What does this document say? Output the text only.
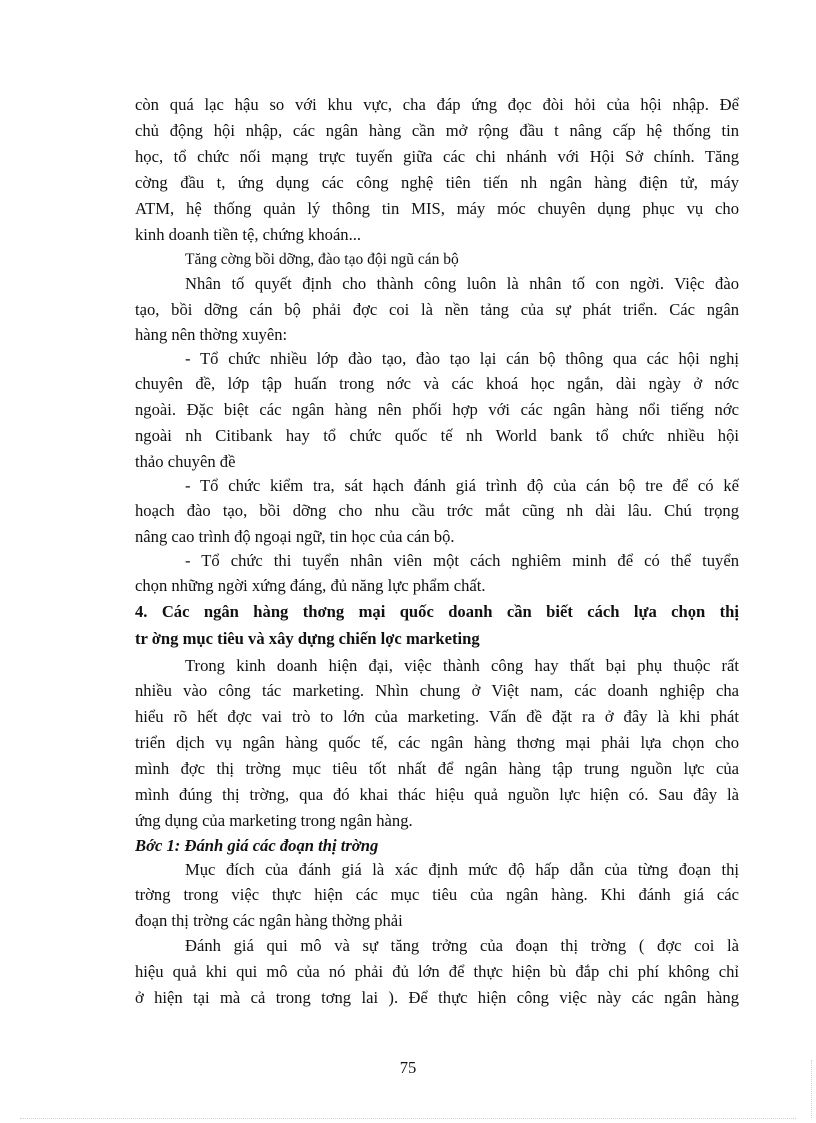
còn quá lạc hậu so với khu vực, cha đáp ứng đọc đòi hỏi của hội nhập. Để
chủ động hội nhập, các ngân hàng cần mở rộng đầu t nâng cấp hệ thống tin
học, tổ chức nối mạng trực tuyến giữa các chi nhánh với Hội Sở chính. Tăng
cờng đầu t, ứng dụng các công nghệ tiên tiến nh ngân hàng điện tử, máy
ATM, hệ thống quản lý thông tin MIS, máy móc chuyên dụng phục vụ cho
kinh doanh tiền tệ, chứng khoán...
Tăng cờng bồi dỡng, đào tạo đội ngũ cán bộ
Nhân tố quyết định cho thành công luôn là nhân tố con ngời. Việc đào
tạo, bồi dỡng cán bộ phải đợc coi là nền tảng của sự phát triển. Các ngân
hàng nên thờng xuyên:
- Tổ chức nhiều lớp đào tạo, đào tạo lại cán bộ thông qua các hội nghị
chuyên đề, lớp tập huấn trong nớc và các khoá học ngắn, dài ngày ở nớc
ngoài. Đặc biệt các ngân hàng nên phối hợp với các ngân hàng nổi tiếng nớc
ngoài nh Citibank hay tổ chức quốc tế nh World bank tổ chức nhiều hội
thảo chuyên đề
- Tổ chức kiểm tra, sát hạch đánh giá trình độ của cán bộ tre để có kế
hoạch đào tạo, bồi dỡng cho nhu cầu trớc mắt cũng nh dài lâu. Chú trọng
nâng cao trình độ ngoại ngữ, tin học của cán bộ.
- Tổ chức thi tuyển nhân viên một cách nghiêm minh để có thể tuyển
chọn những ngời xứng đáng, đủ năng lực phẩm chất.
4. Các ngân hàng thơng mại quốc doanh cần biết cách lựa chọn thị
tr ờng mục tiêu và xây dựng chiến lợc marketing
Trong kinh doanh hiện đại, việc thành công hay thất bại phụ thuộc rất
nhiều vào công tác marketing. Nhìn chung ở Việt nam, các doanh nghiệp cha
hiểu rõ hết đợc vai trò to lớn của marketing. Vấn đề đặt ra ở đây là khi phát
triển dịch vụ ngân hàng quốc tế, các ngân hàng thơng mại phải lựa chọn cho
mình đợc thị trờng mục tiêu tốt nhất để ngân hàng tập trung nguồn lực của
mình đúng thị trờng, qua đó khai thác hiệu quả nguồn lực hiện có. Sau đây là
ứng dụng của marketing trong ngân hàng.
Bớc 1: Đánh giá các đoạn thị trờng
Mục đích của đánh giá là xác định mức độ hấp dẫn của từng đoạn thị
trờng trong việc thực hiện các mục tiêu của ngân hàng. Khi đánh giá các
đoạn thị trờng các ngân hàng thờng phải
Đánh giá qui mô và sự tăng trởng của đoạn thị trờng ( đợc coi là
hiệu quả khi qui mô của nó phải đủ lớn để thực hiện bù đắp chi phí không chỉ
ở hiện tại mà cả trong tơng lai ). Để thực hiện công việc này các ngân hàng
75
